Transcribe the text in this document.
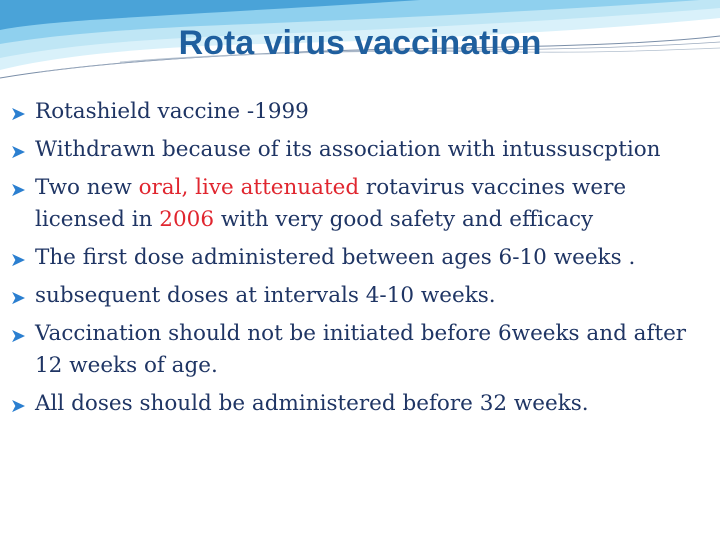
Rota virus vaccination
➤ Rotashield vaccine -1999
➤ Withdrawn because of its association with intussuscption
➤ Two new oral, live attenuated rotavirus vaccines were licensed in 2006 with very good safety and efficacy
➤ The first dose administered between ages 6-10 weeks .
➤ subsequent doses at intervals 4-10 weeks.
➤ Vaccination should not be initiated before 6weeks and after 12 weeks of age.
➤ All doses should be administered before 32 weeks.
